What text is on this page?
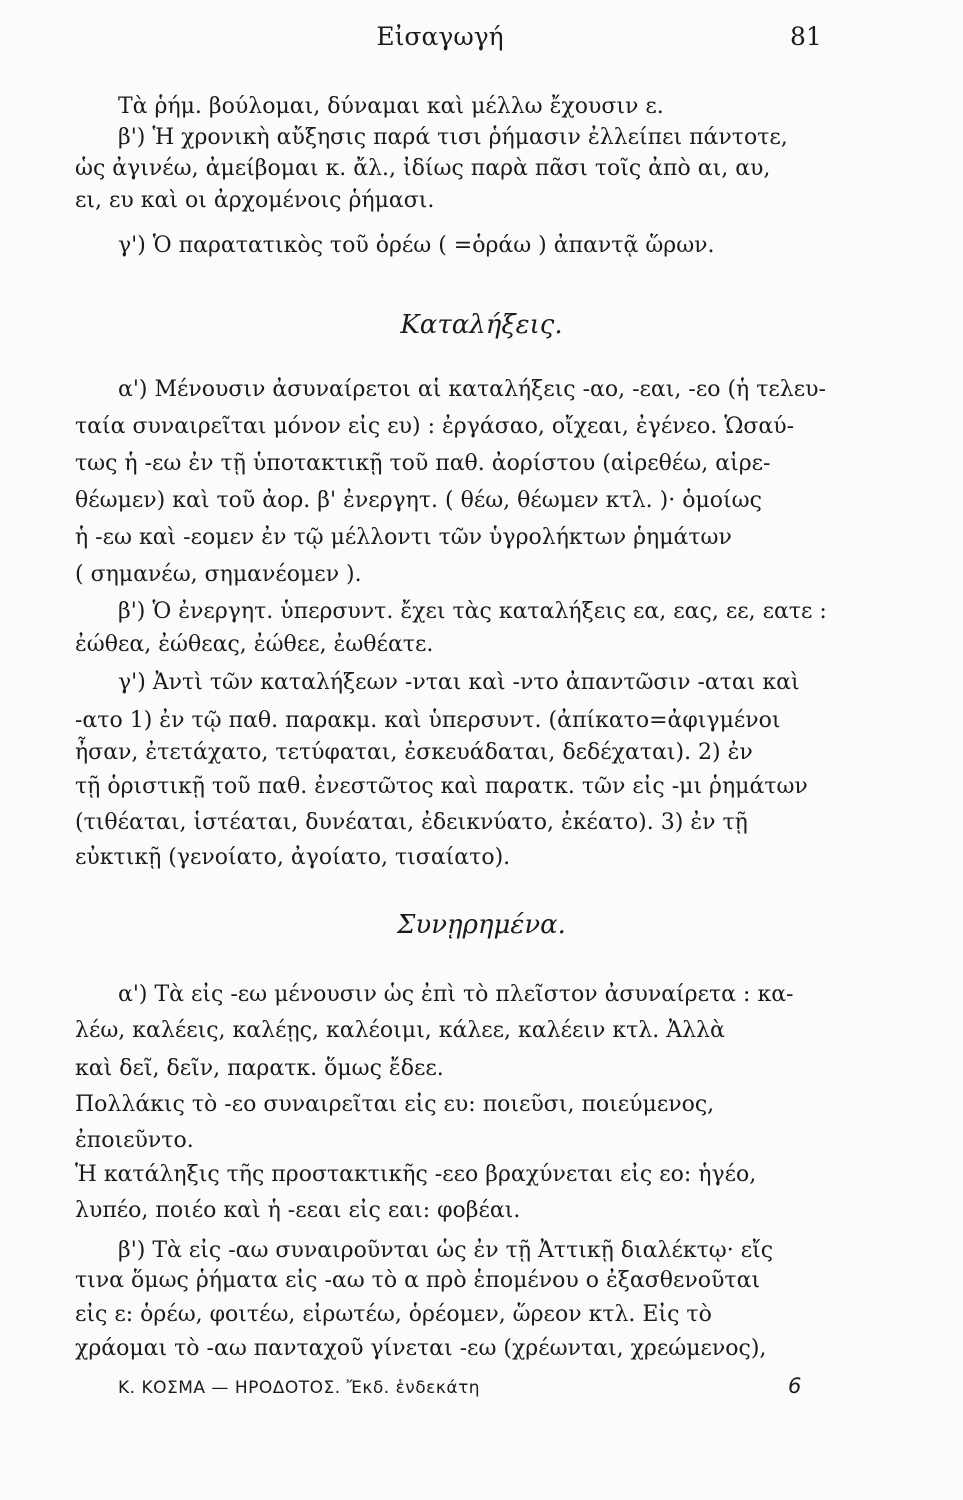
Εἰσαγωγή	81
Τὰ ῥήμ. βούλομαι, δύναμαι καὶ μέλλω ἔχουσιν ε.
β') Ἡ χρονικὴ αὔξησις παρά τισι ῥήμασιν ἐλλείπει πάντοτε,
ὡς ἀγινέω, ἀμείβομαι κ. ἄλ., ἰδίως παρὰ πᾶσι τοῖς ἀπὸ αι, αυ,
ει, ευ καὶ οι ἀρχομένοις ῥήμασι.
γ') Ὁ παρατατικὸς τοῦ ὁρέω ( =ὁράω ) ἀπαντᾷ ὥρων.
Καταλήξεις.
α') Μένουσιν ἀσυναίρετοι αἱ καταλήξεις -αο, -εαι, -εο (ἡ τελευ-
ταία συναιρεῖται μόνον εἰς ευ) : ἐργάσαο, οἴχεαι, ἐγένεο. Ὡσαύ-
τως ἡ -εω ἐν τῇ ὑποτακτικῇ τοῦ παθ. ἀορίστου (αἱρεθέω, αἱρε-
θέωμεν) καὶ τοῦ ἀορ. β' ἐνεργητ. ( θέω, θέωμεν κτλ. )· ὁμοίως
ἡ -εω καὶ -εομεν ἐν τῷ μέλλοντι τῶν ὑγρολήκτων ῥημάτων
( σημανέω, σημανέομεν ).
β') Ὁ ἐνεργητ. ὑπερσυντ. ἔχει τὰς καταλήξεις εα, εας, εε, εατε :
ἐώθεα, ἐώθεας, ἐώθεε, ἐωθέατε.
γ') Ἀντὶ τῶν καταλήξεων -νται καὶ -ντο ἀπαντῶσιν -αται καὶ
-ατο 1) ἐν τῷ παθ. παρακμ. καὶ ὑπερσυντ. (ἀπίκατο=ἀφιγμένοι
ἦσαν, ἐτετάχατο, τετύφαται, ἐσκευάδαται, δεδέχαται). 2) ἐν
τῇ ὁριστικῇ τοῦ παθ. ἐνεστῶτος καὶ παρατκ. τῶν εἰς -μι ῥημάτων
(τιθέαται, ἱστέαται, δυνέαται, ἐδεικνύατο, ἐκέατο). 3) ἐν τῇ
εὐκτικῇ (γενοίατο, ἀγοίατο, τισαίατο).
Συνῃρημένα.
α') Τὰ εἰς -εω μένουσιν ὡς ἐπὶ τὸ πλεῖστον ἀσυναίρετα : κα-
λέω, καλέεις, καλέῃς, καλέοιμι, κάλεε, καλέειν κτλ. Ἀλλὰ
καὶ δεῖ, δεῖν, παρατκ. ὅμως ἔδεε.
Πολλάκις τὸ -εο συναιρεῖται εἰς ευ: ποιεῦσι, ποιεύμενος,
ἐποιεῦντο.
Ἡ κατάληξις τῆς προστακτικῆς -εεο βραχύνεται εἰς εο: ἡγέο,
λυπέο, ποιέο καὶ ἡ -εεαι εἰς εαι: φοβέαι.
β') Τὰ εἰς -αω συναιροῦνται ὡς ἐν τῇ Ἀττικῇ διαλέκτῳ· εἴς
τινα ὅμως ῥήματα εἰς -αω τὸ α πρὸ ἑπομένου ο ἐξασθενοῦται
εἰς ε: ὁρέω, φοιτέω, εἰρωτέω, ὁρέομεν, ὥρεον κτλ. Εἰς τὸ
χράομαι τὸ -αω πανταχοῦ γίνεται -εω (χρέωνται, χρεώμενος),
Κ. ΚΟΣΜΑ — ΗΡΟΔΟΤΟΣ. Ἔκδ. ἑνδεκάτη	6
